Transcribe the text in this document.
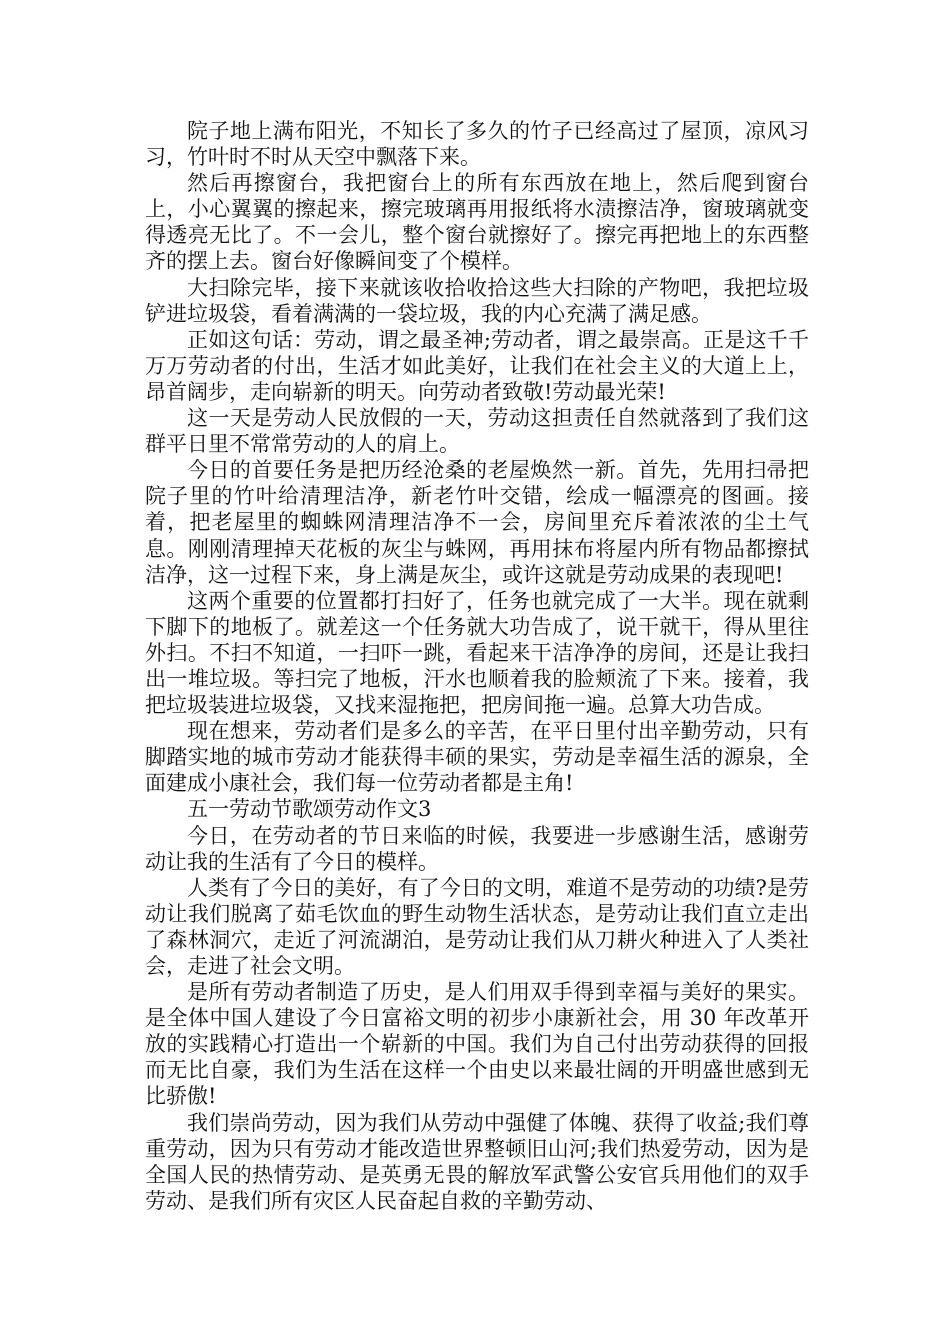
院子地上满布阳光，不知长了多久的竹子已经高过了屋顶，凉风习习，竹叶时不时从天空中飘落下来。

然后再擦窗台，我把窗台上的所有东西放在地上，然后爬到窗台上，小心翼翼的擦起来，擦完玻璃再用报纸将水渍擦洁净，窗玻璃就变得透亮无比了。不一会儿，整个窗台就擦好了。擦完再把地上的东西整齐的摆上去。窗台好像瞬间变了个模样。

大扫除完毕，接下来就该收拾收拾这些大扫除的产物吧，我把垃圾铲进垃圾袋，看着满满的一袋垃圾，我的内心充满了满足感。

正如这句话：劳动，谓之最圣神;劳动者，谓之最崇高。正是这千千万万劳动者的付出，生活才如此美好，让我们在社会主义的大道上上，昂首阔步，走向崭新的明天。向劳动者致敬!劳动最光荣!

这一天是劳动人民放假的一天，劳动这担责任自然就落到了我们这群平日里不常常劳动的人的肩上。

今日的首要任务是把历经沧桑的老屋焕然一新。首先，先用扫帚把院子里的竹叶给清理洁净，新老竹叶交错，绘成一幅漂亮的图画。接着，把老屋里的蜘蛛网清理洁净不一会，房间里充斥着浓浓的尘土气息。刚刚清理掉天花板的灰尘与蛛网，再用抹布将屋内所有物品都擦拭洁净，这一过程下来，身上满是灰尘，或许这就是劳动成果的表现吧!

这两个重要的位置都打扫好了，任务也就完成了一大半。现在就剩下脚下的地板了。就差这一个任务就大功告成了，说干就干，得从里往外扫。不扫不知道，一扫吓一跳，看起来干洁净净的房间，还是让我扫出一堆垃圾。等扫完了地板，汗水也顺着我的脸颊流了下来。接着，我把垃圾装进垃圾袋，又找来湿拖把，把房间拖一遍。总算大功告成。

现在想来，劳动者们是多么的辛苦，在平日里付出辛勤劳动，只有脚踏实地的城市劳动才能获得丰硕的果实，劳动是幸福生活的源泉，全面建成小康社会，我们每一位劳动者都是主角!

五一劳动节歌颂劳动作文3

今日，在劳动者的节日来临的时候，我要进一步感谢生活，感谢劳动让我的生活有了今日的模样。

人类有了今日的美好，有了今日的文明，难道不是劳动的功绩?是劳动让我们脱离了茹毛饮血的野生动物生活状态，是劳动让我们直立走出了森林洞穴，走近了河流湖泊，是劳动让我们从刀耕火种进入了人类社会，走进了社会文明。

是所有劳动者制造了历史，是人们用双手得到幸福与美好的果实。是全体中国人建设了今日富裕文明的初步小康新社会，用 30 年改革开放的实践精心打造出一个崭新的中国。我们为自己付出劳动获得的回报而无比自豪，我们为生活在这样一个由史以来最壮阔的开明盛世感到无比骄傲!

我们崇尚劳动，因为我们从劳动中强健了体魄、获得了收益;我们尊重劳动，因为只有劳动才能改造世界整顿旧山河;我们热爱劳动，因为是全国人民的热情劳动、是英勇无畏的解放军武警公安官兵用他们的双手劳动、是我们所有灾区人民奋起自救的辛勤劳动、
